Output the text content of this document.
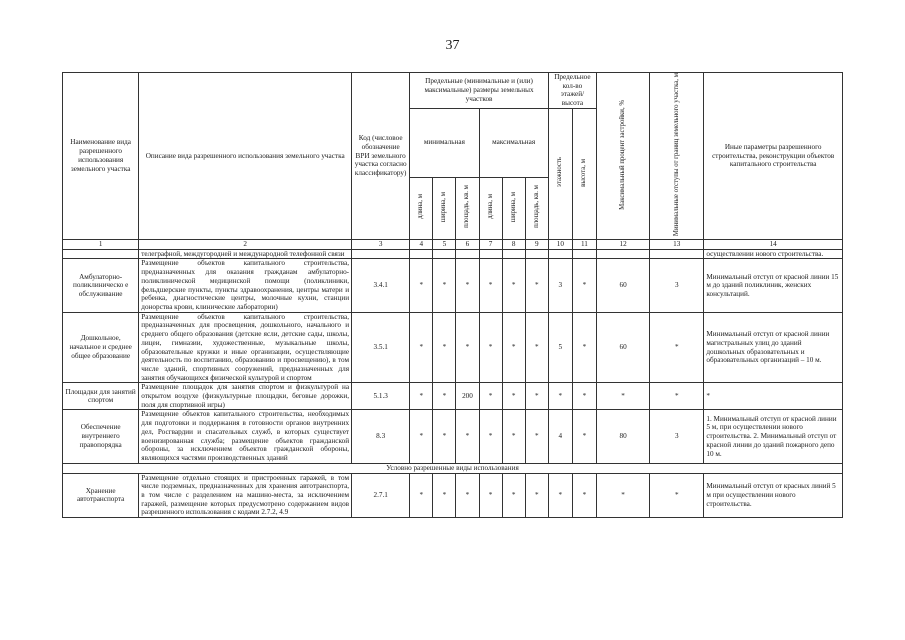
37
Наименование вида разрешенного использования земельного участка	Описание вида разрешенного использования земельного участка	Код (числовое обозначение ВРИ земельного участка согласно классификатору)	Предельные (минимальные и (или) максимальные) размеры земельных участков						Предельное кол-во этажей/ высота		Максимальный процент застройки, %	Минимальные отступы от границ земельного участка, м	Иные параметры разрешенного строительства, реконструкции объектов капитального строительства
			минимальная			максимальная			этажность	высота, м			
			длина, м	ширина, м	площадь, кв. м	длина, м	ширина, м	площадь, кв. м					
1	2	3	4	5	6	7	8	9	10	11	12	13	14
	телеграфной, междугородней и международной телефонной связи												осуществлении нового строительства.
Амбулаторно-поликлиническо е обслуживание	Размещение объектов капитального строительства, предназначенных для оказания гражданам амбулаторно-поликлинической медицинской помощи (поликлиники, фельдшерские пункты, пункты здравоохранения, центры матери и ребенка, диагностические центры, молочные кухни, станции донорства крови, клинические лаборатории)	3.4.1	*	*	*	*	*	*	3	*	60	3	Минимальный отступ от красной линии 15 м до зданий поликлиник, женских консультаций.
Дошкольное, начальное и среднее общее образование	Размещение объектов капитального строительства, предназначенных для просвещения, дошкольного, начального и среднего общего образования (детские ясли, детские сады, школы, лицеи, гимназии, художественные, музыкальные школы, образовательные кружки и иные организации, осуществляющие деятельность по воспитанию, образованию и просвещению), в том числе зданий, спортивных сооружений, предназначенных для занятия обучающихся физической культурой и спортом	3.5.1	*	*	*	*	*	*	5	*	60	*	Минимальный отступ от красной линии магистральных улиц до зданий дошкольных образовательных и образовательных организаций – 10 м.
Площадки для занятий спортом	Размещение площадок для занятия спортом и физкультурой на открытом воздухе (физкультурные площадки, беговые дорожки, поля для спортивной игры)	5.1.3	*	*	200	*	*	*	*	*	*	*	*
Обеспечение внутреннего правопорядка	Размещение объектов капитального строительства, необходимых для подготовки и поддержания в готовности органов внутренних дел, Росгвардии и спасательных служб, в которых существует военизированная служба; размещение объектов гражданской обороны, за исключением объектов гражданской обороны, являющихся частями производственных зданий	8.3	*	*	*	*	*	*	4	*	80	3	1. Минимальный отступ от красной линии 5 м, при осуществлении нового строительства. 2. Минимальный отступ от красной линии до зданий пожарного депо 10 м.
Условно разрешенные виды использования													
Хранение автотранспорта	Размещение отдельно стоящих и пристроенных гаражей, в том числе подземных, предназначенных для хранения автотранспорта, в том числе с разделением на машино-места, за исключением гаражей, размещение которых предусмотрено содержанием видов разрешенного использования с кодами 2.7.2, 4.9	2.7.1	*	*	*	*	*	*	*	*	*	*	Минимальный отступ от красных линий 5 м при осуществлении нового строительства.
